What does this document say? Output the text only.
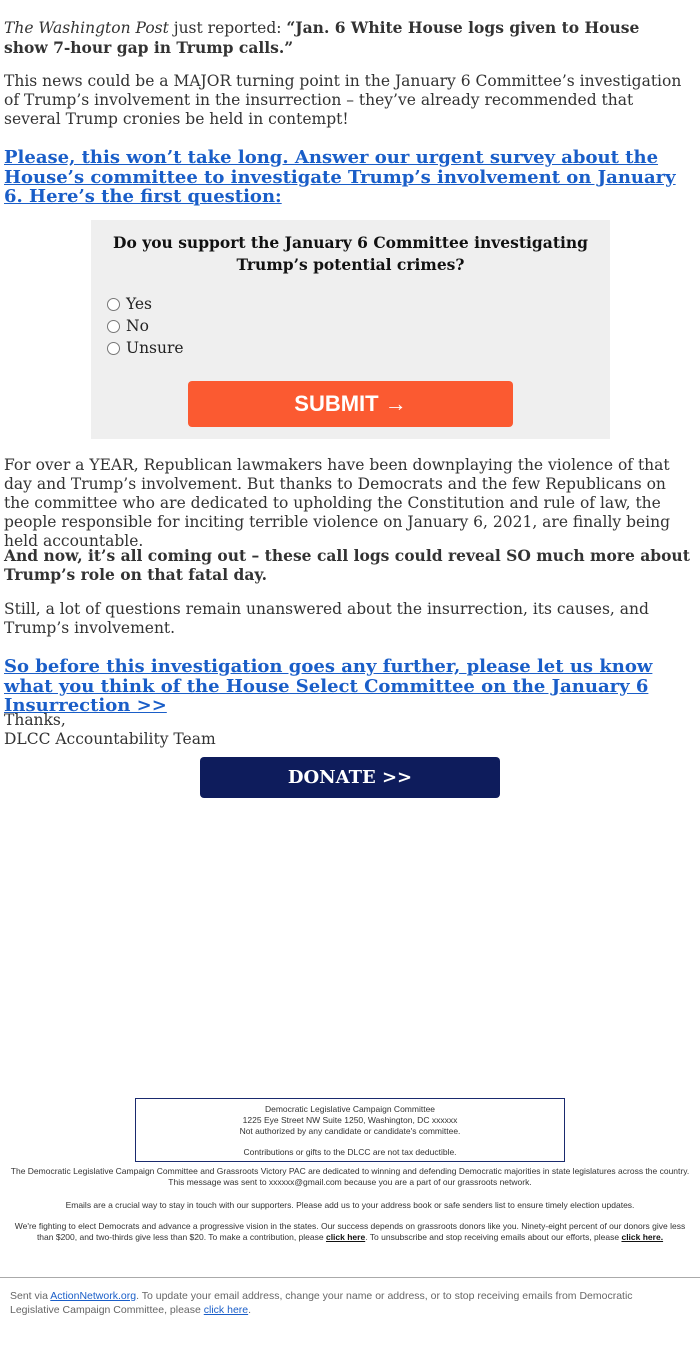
The Washington Post just reported: “Jan. 6 White House logs given to House show 7-hour gap in Trump calls.”

This news could be a MAJOR turning point in the January 6 Committee’s investigation of Trump’s involvement in the insurrection – they’ve already recommended that several Trump cronies be held in contempt!

Please, this won’t take long. Answer our urgent survey about the House’s committee to investigate Trump’s involvement on January 6. Here’s the first question:
Do you support the January 6 Committee investigating Trump’s potential crimes?
Yes
No
Unsure
SUBMIT →

For over a YEAR, Republican lawmakers have been downplaying the violence of that day and Trump’s involvement. But thanks to Democrats and the few Republicans on the committee who are dedicated to upholding the Constitution and rule of law, the people responsible for inciting terrible violence on January 6, 2021, are finally being held accountable.

And now, it’s all coming out – these call logs could reveal SO much more about Trump’s role on that fatal day.

Still, a lot of questions remain unanswered about the insurrection, its causes, and Trump’s involvement.

So before this investigation goes any further, please let us know what you think of the House Select Committee on the January 6 Insurrection >>

Thanks,
DLCC Accountability Team

DONATE >>
Democratic Legislative Campaign Committee
1225 Eye Street NW Suite 1250, Washington, DC xxxxxx
Not authorized by any candidate or candidate's committee.
Contributions or gifts to the DLCC are not tax deductible.
The Democratic Legislative Campaign Committee and Grassroots Victory PAC are dedicated to winning and defending Democratic majorities in state legislatures across the country. This message was sent to xxxxxx@gmail.com because you are a part of our grassroots network.
Emails are a crucial way to stay in touch with our supporters. Please add us to your address book or safe senders list to ensure timely election updates.
We're fighting to elect Democrats and advance a progressive vision in the states. Our success depends on grassroots donors like you. Ninety-eight percent of our donors give less than $200, and two-thirds give less than $20. To make a contribution, please click here. To unsubscribe and stop receiving emails about our efforts, please click here.
Sent via ActionNetwork.org. To update your email address, change your name or address, or to stop receiving emails from Democratic Legislative Campaign Committee, please click here.
